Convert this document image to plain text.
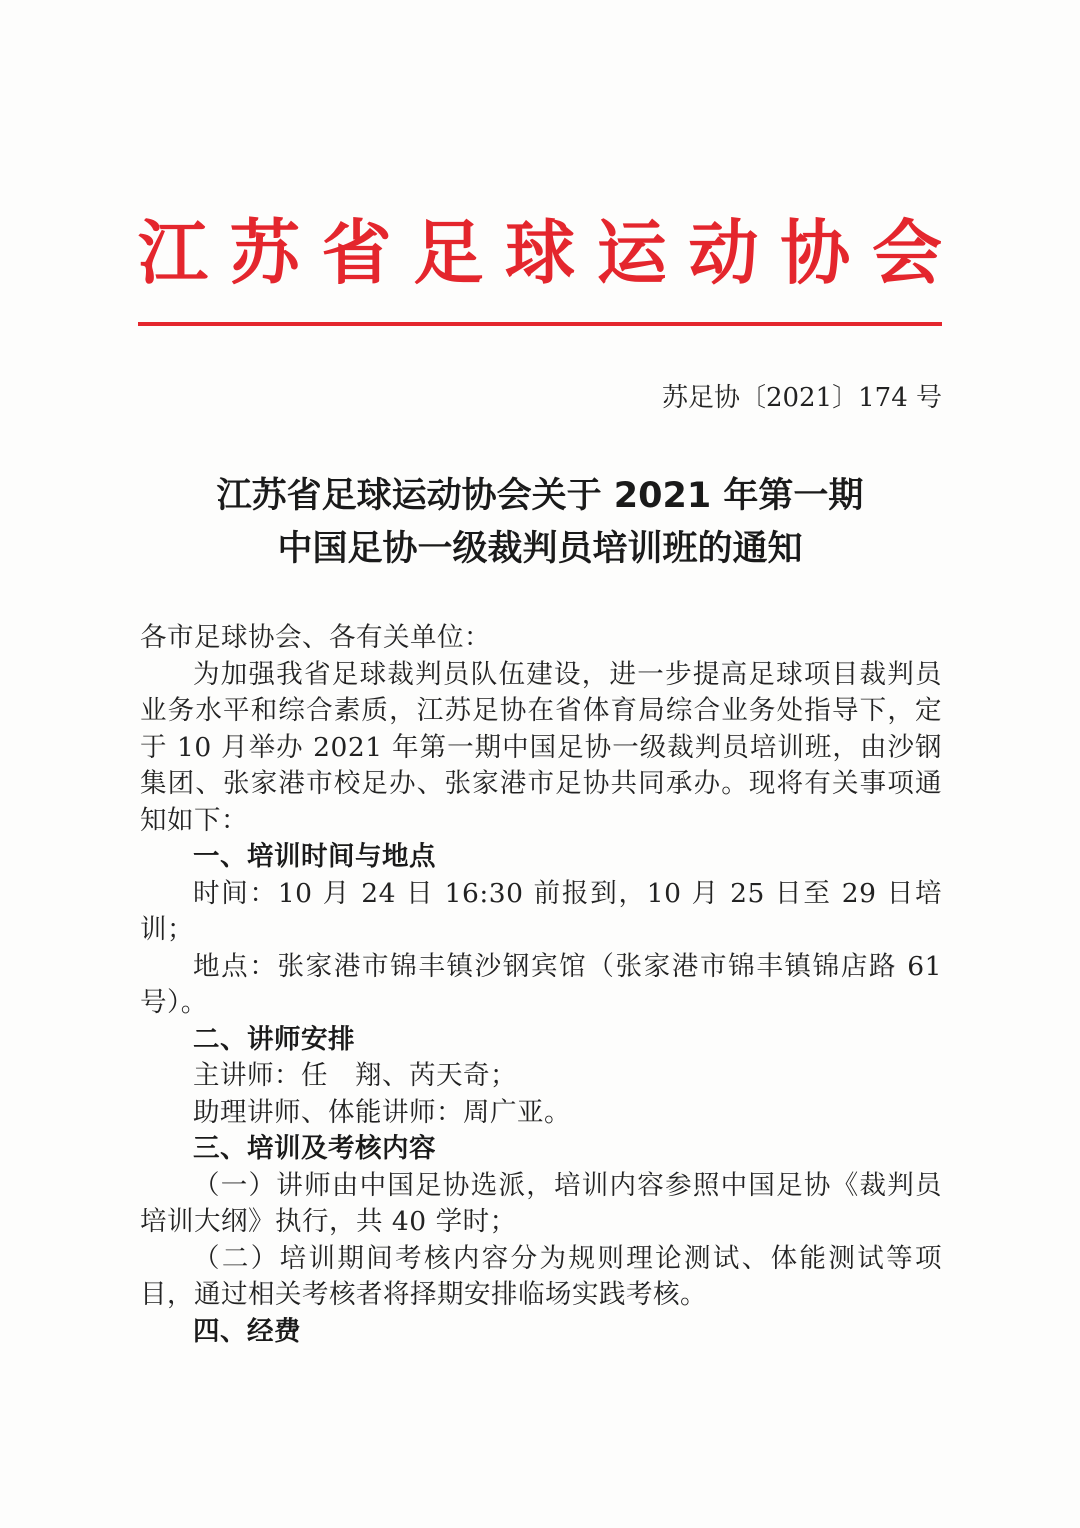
江 苏 省 足 球 运 动 协 会
苏足协〔2021〕174 号
江苏省足球运动协会关于 2021 年第一期
中国足协一级裁判员培训班的通知

各市足球协会、各有关单位：

为加强我省足球裁判员队伍建设，进一步提高足球项目裁判员业务水平和综合素质，江苏足协在省体育局综合业务处指导下，定于 10 月举办 2021 年第一期中国足协一级裁判员培训班，由沙钢集团、张家港市校足办、张家港市足协共同承办。现将有关事项通知如下：

一、培训时间与地点

时间：10 月 24 日 16:30 前报到，10 月 25 日至 29 日培训；

地点：张家港市锦丰镇沙钢宾馆（张家港市锦丰镇锦店路 61 号）。

二、讲师安排

主讲师：任　翔、芮天奇；

助理讲师、体能讲师：周广亚。

三、培训及考核内容

（一）讲师由中国足协选派，培训内容参照中国足协《裁判员培训大纲》执行，共 40 学时；

（二）培训期间考核内容分为规则理论测试、体能测试等项目，通过相关考核者将择期安排临场实践考核。

四、经费
